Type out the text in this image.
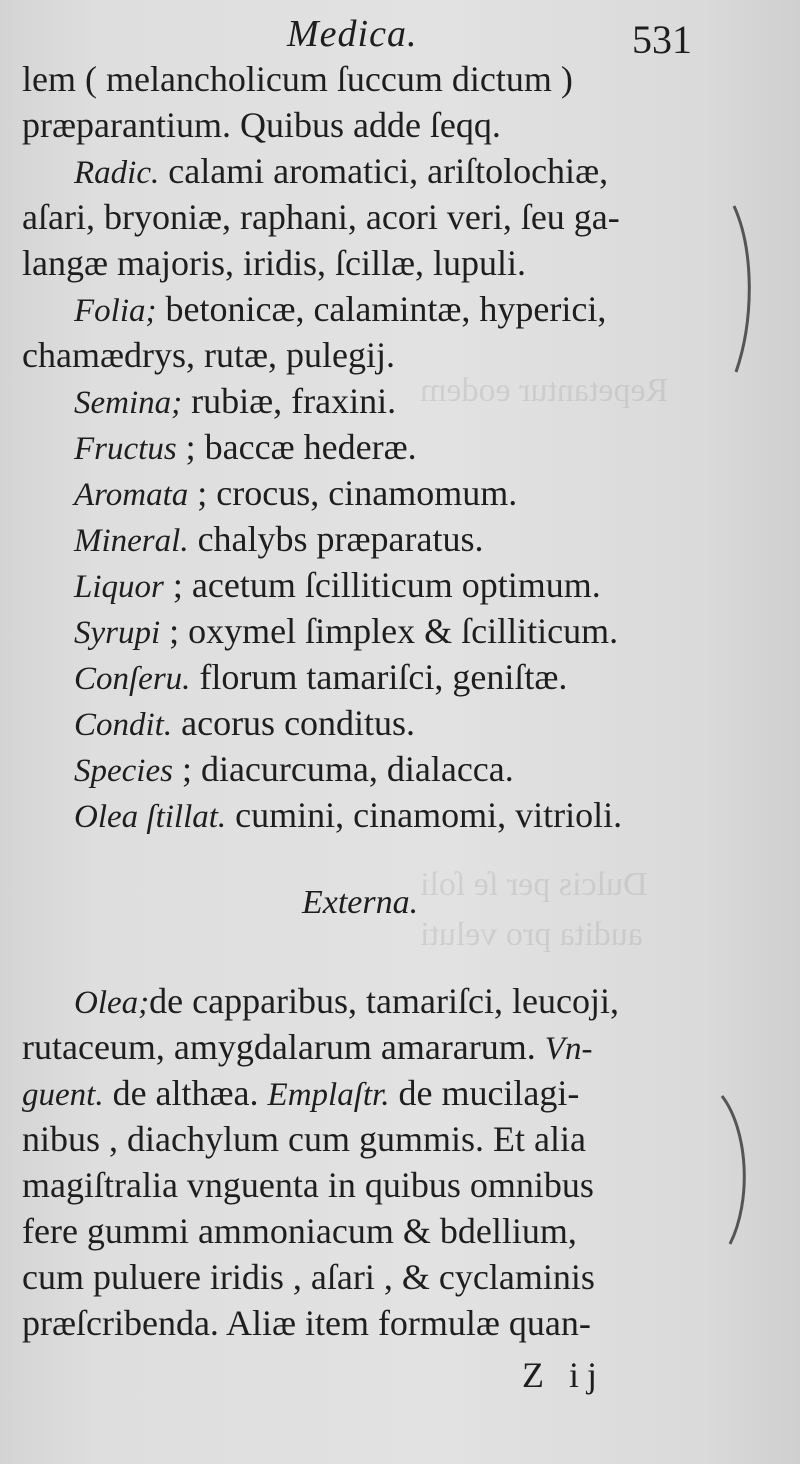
Repetantur eodem
Dulcis per ſe ſoli
audita pro veluti
Medica.	531
lem ( melancholicum ſuccum dictum )
præparantium. Quibus adde ſeqq.
Radic. calami aromatici, ariſtolochiæ,
aſari, bryoniæ, raphani, acori veri, ſeu ga-
langæ majoris, iridis, ſcillæ, lupuli.
Folia; betonicæ, calamintæ, hyperici,
chamædrys, rutæ, pulegij.
Semina; rubiæ, fraxini.
Fructus ; baccæ hederæ.
Aromata ; crocus, cinamomum.
Mineral. chalybs præparatus.
Liquor ; acetum ſcilliticum optimum.
Syrupi ; oxymel ſimplex & ſcilliticum.
Conſeru. florum tamariſci, geniſtæ.
Condit. acorus conditus.
Species ; diacurcuma, dialacca.
Olea ſtillat. cumini, cinamomi, vitrioli.
Externa.
Olea;de capparibus, tamariſci, leucoji,
rutaceum, amygdalarum amararum. Vn-
guent. de althæa. Emplaſtr. de mucilagi-
nibus , diachylum cum gummis. Et alia
magiſtralia vnguenta in quibus omnibus
fere gummi ammoniacum & bdellium,
cum puluere iridis , aſari , & cyclaminis
præſcribenda. Aliæ item formulæ quan-
Z ij
